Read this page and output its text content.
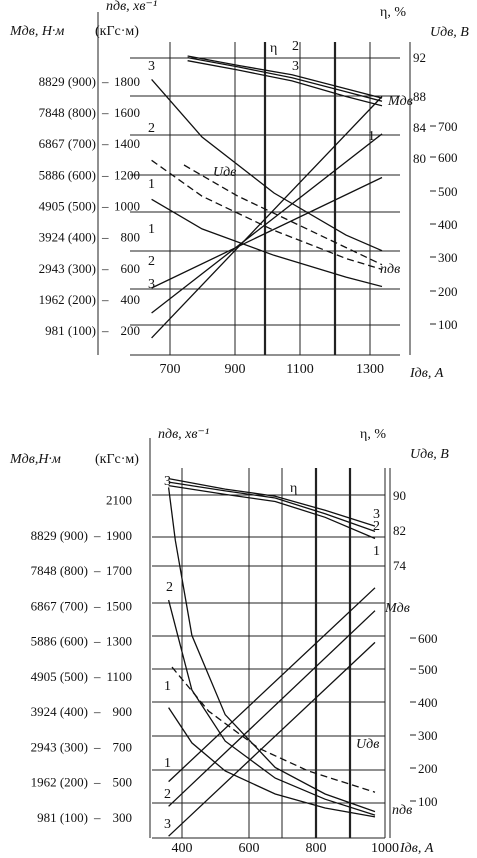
8829 (900) – 1800
7848 (800) – 1600
6867 (700) – 1400
5886 (600) – 1200
4905 (500) – 1000
3924 (400) – 800
2943 (300) – 600
1962 (200) – 400
981 (100) – 200
92
88
84
80
700
600
500
400
300
200
100
700	900	1100	1300
Mдв, Н·м (кГс·м)
nдв, хв⁻¹	η, %
Uдв, В
Iдв, А
1
1
1
2
2
2
3
3
3
η
Uдв
nдв
Mдв
8829 (900) – 1900
7848 (800) – 1700
6867 (700) – 1500
5886 (600) – 1300
4905 (500) – 1100
3924 (400) – 900
2943 (300) – 700
1962 (200) – 500
981 (100) – 300
2100	90
82
74
600
500
400
300
200
100
400	600	800	1000
Mдв,Н·м (кГс·м)
nдв, хв⁻¹	η, %
Uдв, В
Iдв, А
1
1
1
2
2
2
3
3
3
η
Uдв
nдв
Mдв
